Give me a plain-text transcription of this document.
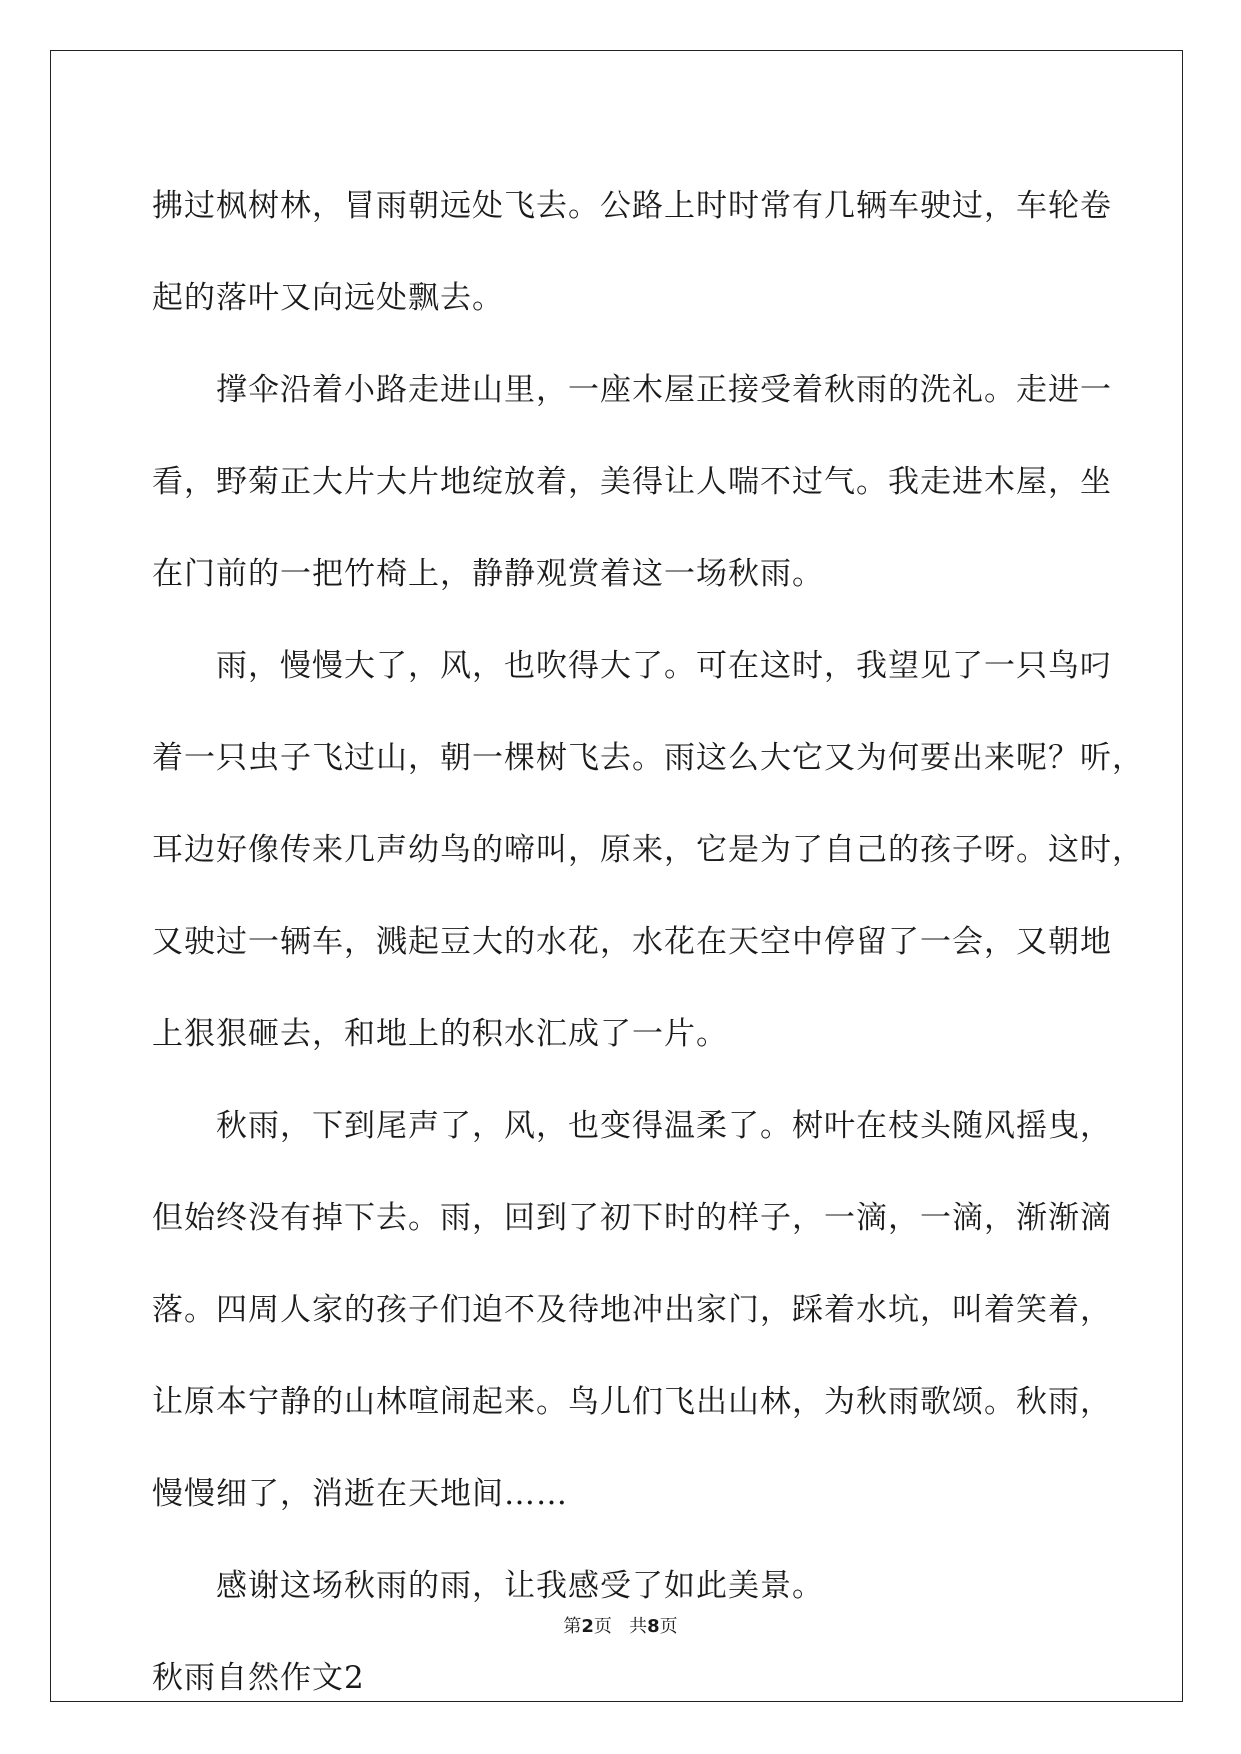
拂过枫树林，冒雨朝远处飞去。公路上时时常有几辆车驶过，车轮卷
起的落叶又向远处飘去。
撑伞沿着小路走进山里，一座木屋正接受着秋雨的洗礼。走进一
看，野菊正大片大片地绽放着，美得让人喘不过气。我走进木屋，坐
在门前的一把竹椅上，静静观赏着这一场秋雨。
雨，慢慢大了，风，也吹得大了。可在这时，我望见了一只鸟叼
着一只虫子飞过山，朝一棵树飞去。雨这么大它又为何要出来呢？听，
耳边好像传来几声幼鸟的啼叫，原来，它是为了自己的孩子呀。这时，
又驶过一辆车，溅起豆大的水花，水花在天空中停留了一会，又朝地
上狠狠砸去，和地上的积水汇成了一片。
秋雨，下到尾声了，风，也变得温柔了。树叶在枝头随风摇曳，
但始终没有掉下去。雨，回到了初下时的样子，一滴，一滴，渐渐滴
落。四周人家的孩子们迫不及待地冲出家门，踩着水坑，叫着笑着，
让原本宁静的山林喧闹起来。鸟儿们飞出山林，为秋雨歌颂。秋雨，
慢慢细了，消逝在天地间……
感谢这场秋雨的雨，让我感受了如此美景。
秋雨自然作文2
第2页   共8页
